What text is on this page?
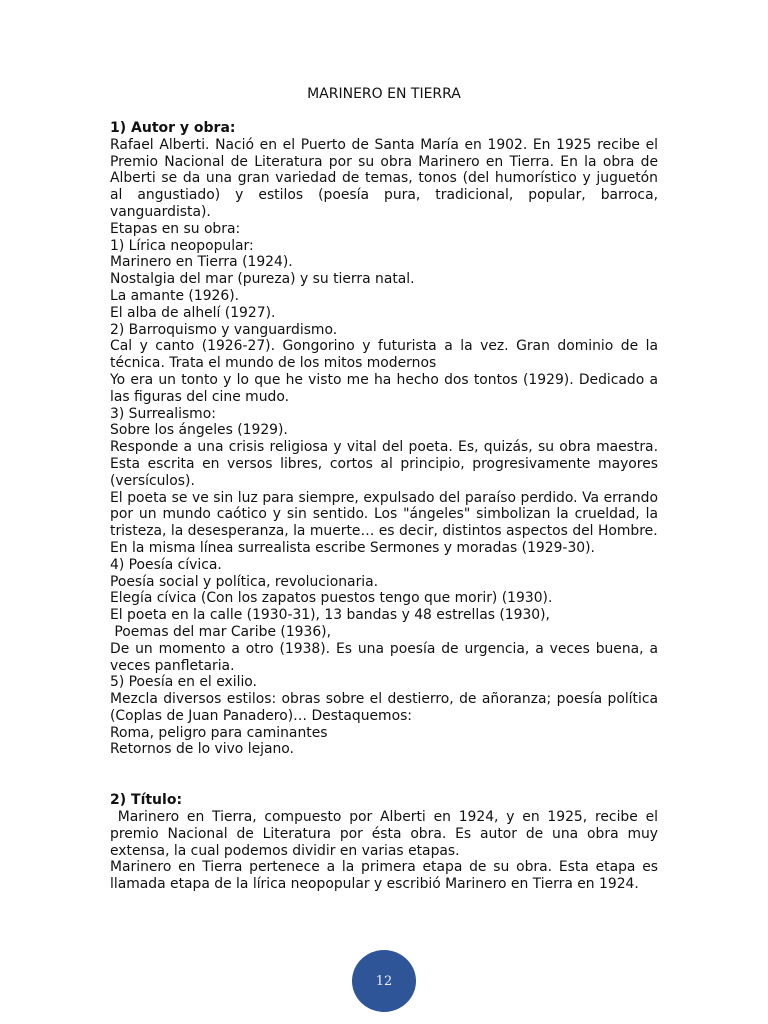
MARINERO EN TIERRA

1) Autor y obra:

Rafael Alberti. Nació en el Puerto de Santa María en 1902. En 1925 recibe el Premio Nacional de Literatura por su obra Marinero en Tierra. En la obra de Alberti se da una gran variedad de temas, tonos (del humorístico y juguetón al angustiado) y estilos (poesía pura, tradicional, popular, barroca, vanguardista).

Etapas en su obra:

1) Lírica neopopular:

Marinero en Tierra (1924).

Nostalgia del mar (pureza) y su tierra natal.

La amante (1926).

El alba de alhelí (1927).

2) Barroquismo y vanguardismo.

Cal y canto (1926-27). Gongorino y futurista a la vez. Gran dominio de la técnica. Trata el mundo de los mitos modernos

Yo era un tonto y lo que he visto me ha hecho dos tontos (1929). Dedicado a las figuras del cine mudo.

3) Surrealismo:

Sobre los ángeles (1929).

Responde a una crisis religiosa y vital del poeta. Es, quizás, su obra maestra. Esta escrita en versos libres, cortos al principio, progresivamente mayores (versículos).

El poeta se ve sin luz para siempre, expulsado del paraíso perdido. Va errando por un mundo caótico y sin sentido. Los "ángeles" simbolizan la crueldad, la tristeza, la desesperanza, la muerte… es decir, distintos aspectos del Hombre.

En la misma línea surrealista escribe Sermones y moradas (1929-30).

4) Poesía cívica.

Poesía social y política, revolucionaria.

Elegía cívica (Con los zapatos puestos tengo que morir) (1930).

El poeta en la calle (1930-31), 13 bandas y 48 estrellas (1930),

Poemas del mar Caribe (1936),

De un momento a otro (1938). Es una poesía de urgencia, a veces buena, a veces panfletaria.

5) Poesía en el exilio.

Mezcla diversos estilos: obras sobre el destierro, de añoranza; poesía política (Coplas de Juan Panadero)… Destaquemos:

Roma, peligro para caminantes

Retornos de lo vivo lejano.

2) Título:

Marinero en Tierra, compuesto por Alberti en 1924, y en 1925, recibe el premio Nacional de Literatura por ésta obra. Es autor de una obra muy extensa, la cual podemos dividir en varias etapas.

Marinero en Tierra pertenece a la primera etapa de su obra. Esta etapa es llamada etapa de la lírica neopopular y escribió Marinero en Tierra en 1924.

12
